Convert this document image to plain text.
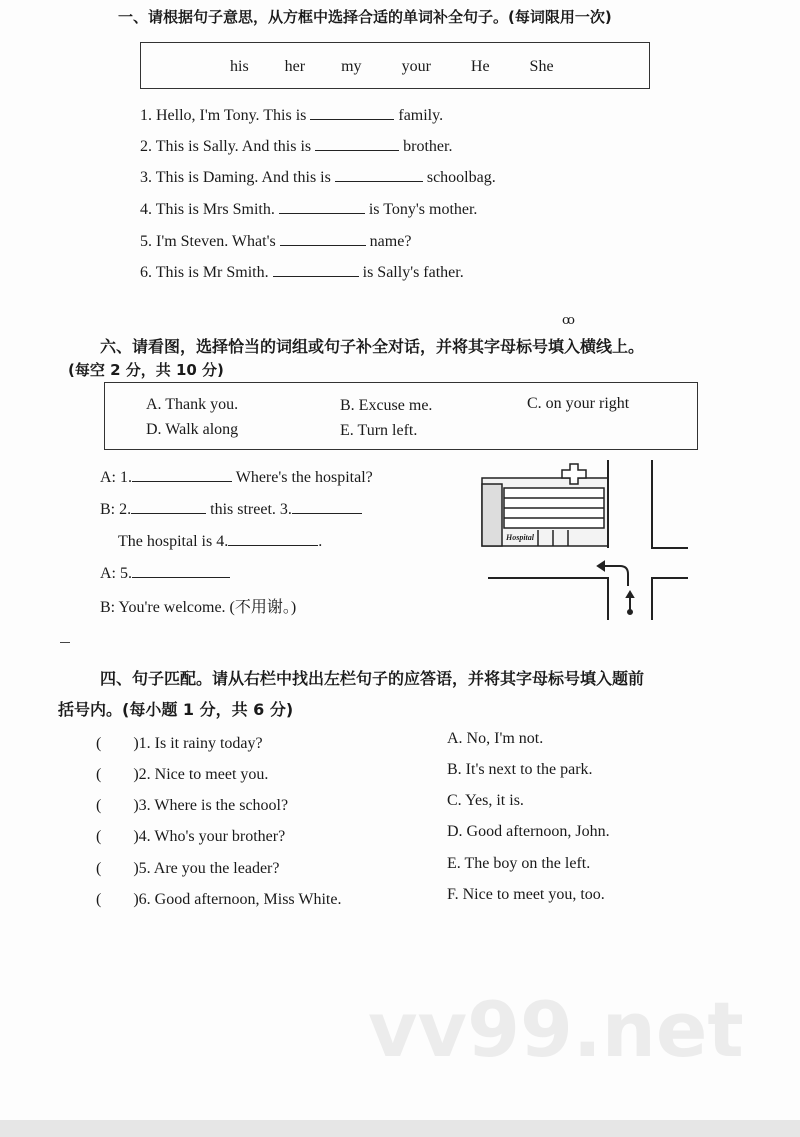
一、请根据句子意思，从方框中选择合适的单词补全句子。(每词限用一次)
his her my	your	He	She
1. Hello, I'm Tony. This is	family.
2. This is Sally. And this is	brother.
3. This is Daming. And this is	schoolbag.
4. This is Mrs Smith.	is Tony's mother.
5. I'm Steven. What's	name?
6. This is Mr Smith.	is Sally's father.
ꝏ
六、请看图，选择恰当的词组或句子补全对话，并将其字母标号填入横线上。
(每空 2 分，共 10 分)
A. Thank you.	B. Excuse me.	C. on your right
D. Walk along	E. Turn left.
A: 1.	Where's the hospital?
B: 2.	this street. 3.
The hospital is 4.	.
A: 5.
B: You're welcome. (不用谢。)
Hospital
四、句子匹配。请从右栏中找出左栏句子的应答语，并将其字母标号填入题前
括号内。(每小题 1 分，共 6 分)
(　　)1. Is it rainy today?	A. No, I'm not.
(　　)2. Nice to meet you.	B. It's next to the park.
(　　)3. Where is the school?	C. Yes, it is.
(　　)4. Who's your brother?	D. Good afternoon, John.
(　　)5. Are you the leader?	E. The boy on the left.
(　　)6. Good afternoon, Miss White.	F. Nice to meet you, too.
vv99.net
